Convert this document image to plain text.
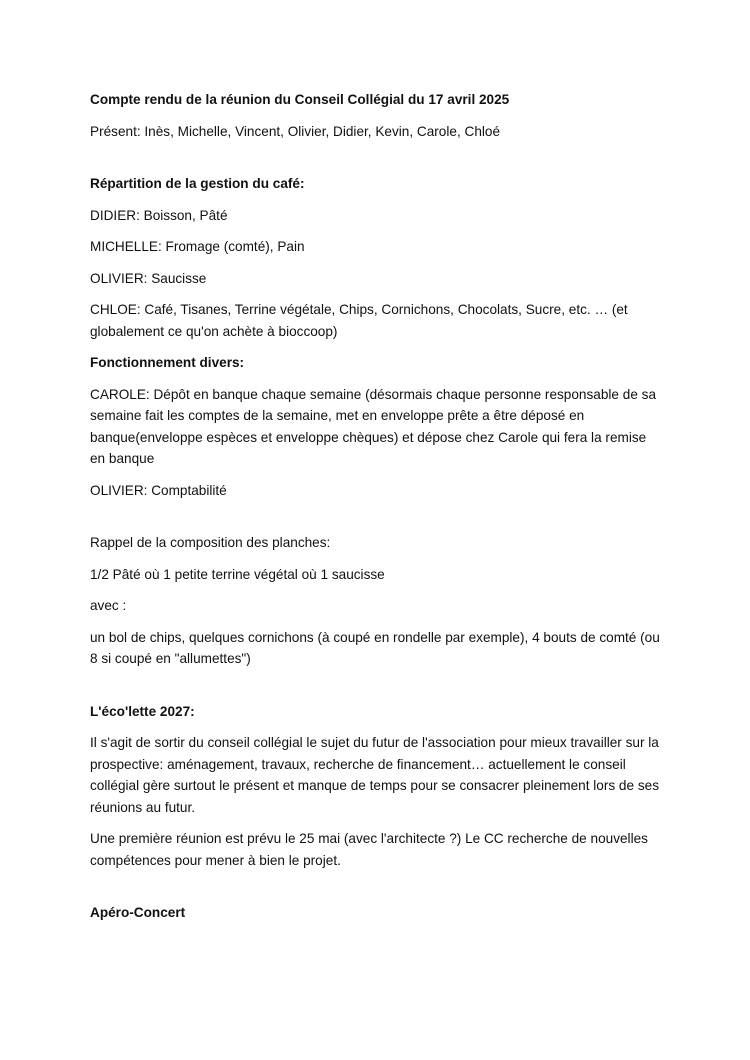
Compte rendu de la réunion du Conseil Collégial du 17 avril 2025

Présent: Inès, Michelle, Vincent, Olivier, Didier, Kevin, Carole, Chloé

Répartition de la gestion du café:

DIDIER: Boisson, Pâté

MICHELLE: Fromage (comté), Pain

OLIVIER: Saucisse

CHLOE: Café, Tisanes, Terrine végétale, Chips, Cornichons, Chocolats, Sucre, etc. … (et globalement ce qu'on achète à bioccoop)

Fonctionnement divers:

CAROLE: Dépôt en banque chaque semaine (désormais chaque personne responsable de sa semaine fait les comptes de la semaine, met en enveloppe prête a être déposé en banque(enveloppe espèces et enveloppe chèques) et dépose chez Carole qui fera la remise en banque

OLIVIER: Comptabilité

Rappel de la composition des planches:

1/2 Pâté où 1 petite terrine végétal où 1 saucisse

avec :

un bol de chips, quelques cornichons (à coupé en rondelle par exemple), 4 bouts de comté (ou 8 si coupé en "allumettes")

L'éco'lette 2027:

Il s'agit de sortir du conseil collégial le sujet du futur de l'association pour mieux travailler sur la prospective: aménagement, travaux, recherche de financement… actuellement le conseil collégial gère surtout le présent et manque de temps pour se consacrer pleinement lors de ses réunions au futur.

Une première réunion est prévu le 25 mai (avec l'architecte ?) Le CC recherche de nouvelles compétences pour mener à bien le projet.

Apéro-Concert
